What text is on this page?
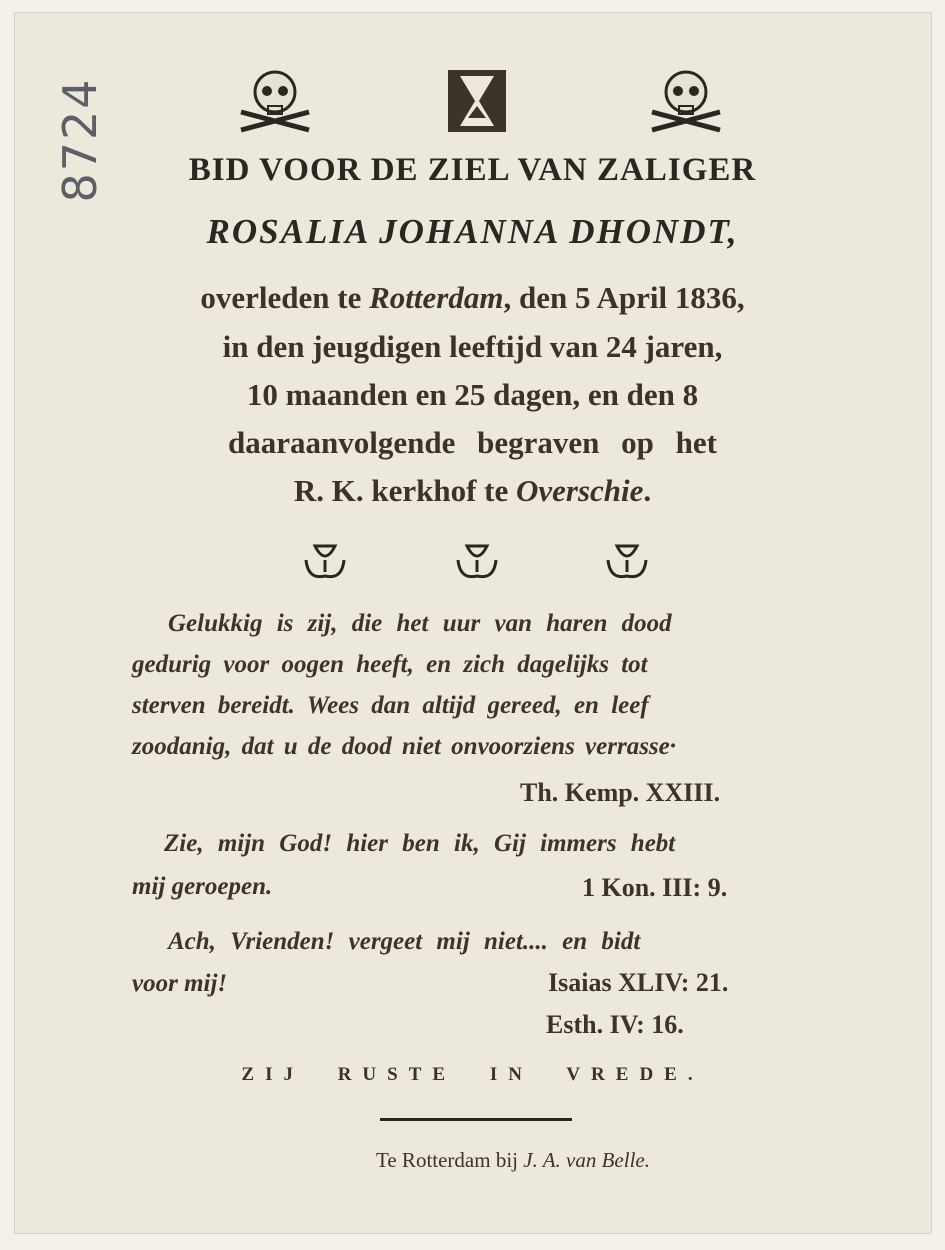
8724	BID VOOR DE ZIEL VAN ZALIGER
ROSALIA JOHANNA DHONDT,
overleden te Rotterdam, den 5 April 1836,
in den jeugdigen leeftijd van 24 jaren,
10 maanden en 25 dagen, en den 8
daaraanvolgende begraven op het
R. K. kerkhof te Overschie.
Gelukkig is zij, die het uur van haren dood
gedurig voor oogen heeft, en zich dagelijks tot
sterven bereidt. Wees dan altijd gereed, en leef
zoodanig, dat u de dood niet onvoorziens verrasse·
Th. Kemp. XXIII.
Zie, mijn God! hier ben ik, Gij immers hebt
mij geroepen.	1 Kon. III: 9.
Ach, Vrienden! vergeet mij niet.... en bidt
voor mij!	Isaias XLIV: 21.
Esth. IV: 16.
ZIJ RUSTE IN VREDE.
Te Rotterdam bij J. A. van Belle.
